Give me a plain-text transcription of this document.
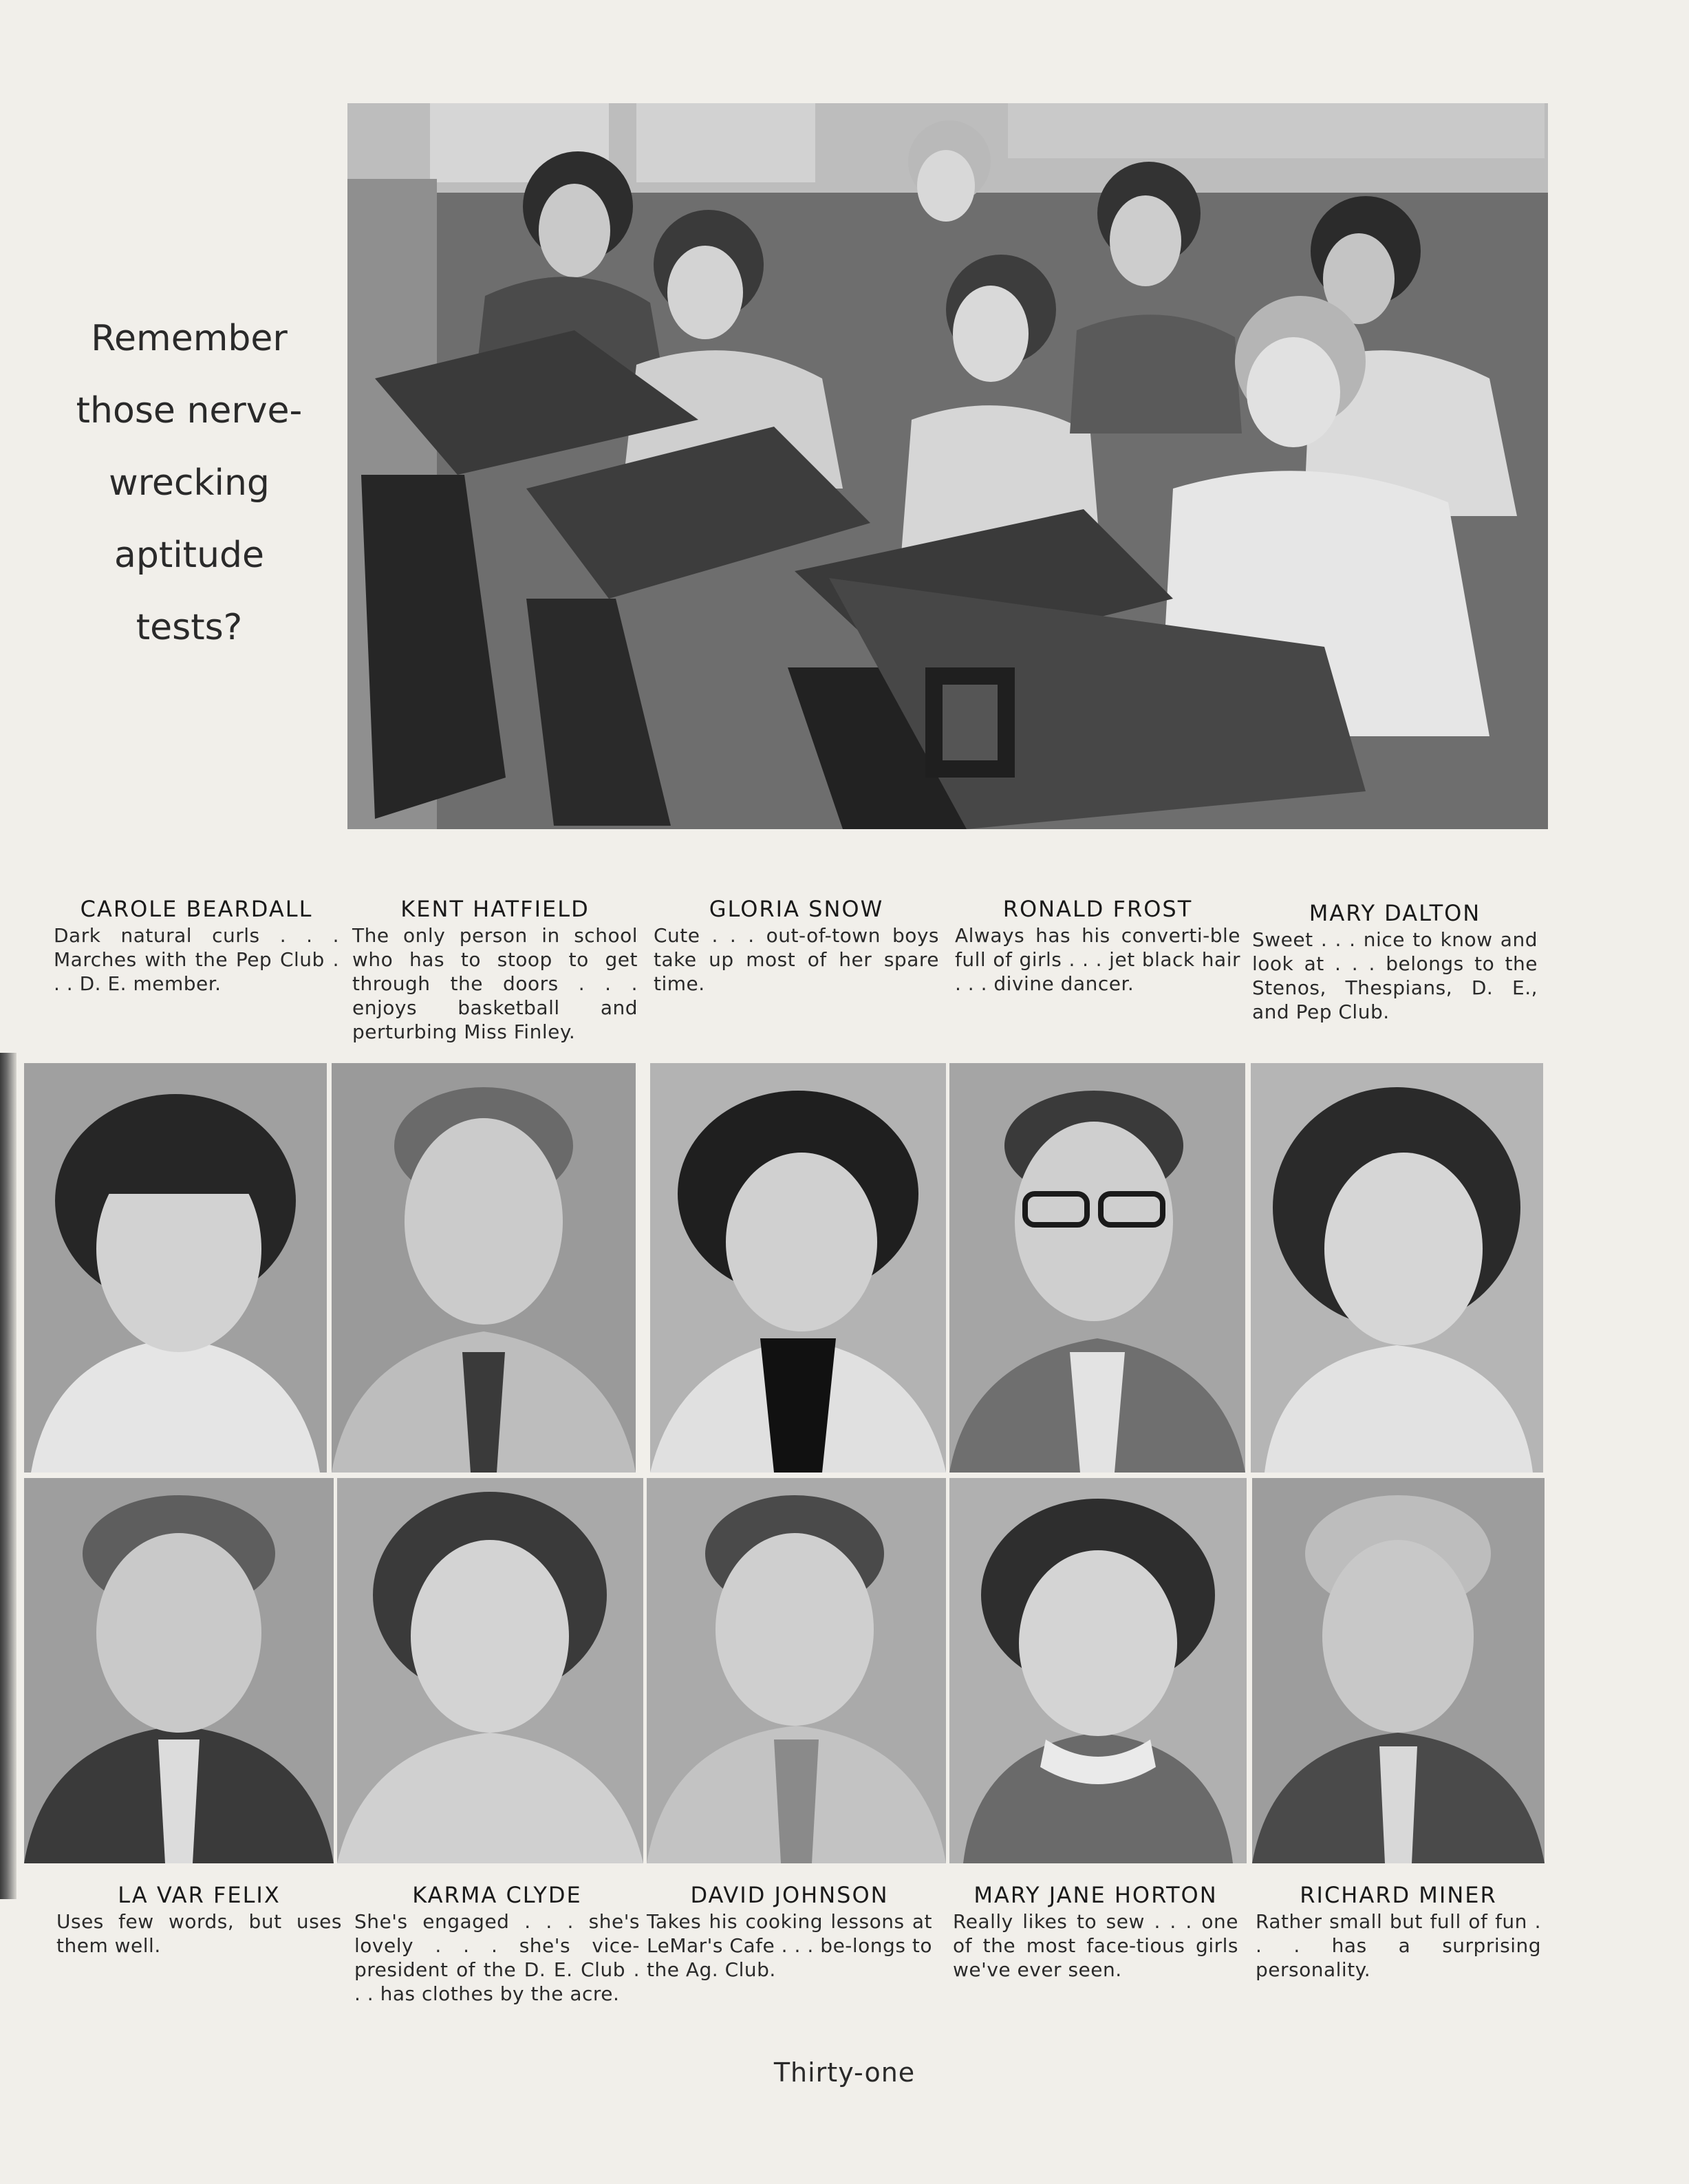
Remember
those nerve-
wrecking
aptitude
tests?
CAROLE BEARDALL
Dark natural curls . . . Marches with the Pep Club . . . D. E. member.
KENT HATFIELD
The only person in school who has to stoop to get through the doors . . . enjoys basketball and perturbing Miss Finley.
GLORIA SNOW
Cute . . . out-of-town boys take up most of her spare time.
RONALD FROST
Always has his converti-ble full of girls . . . jet black hair . . . divine dancer.
MARY DALTON
Sweet . . . nice to know and look at . . . belongs to the Stenos, Thespians, D. E., and Pep Club.
LA VAR FELIX
Uses few words, but uses them well.
KARMA CLYDE
She's engaged . . . she's lovely . . . she's vice-president of the D. E. Club . . . has clothes by the acre.
DAVID JOHNSON
Takes his cooking lessons at LeMar's Cafe . . . be-longs to the Ag. Club.
MARY JANE HORTON
Really likes to sew . . . one of the most face-tious girls we've ever seen.
RICHARD MINER
Rather small but full of fun . . . has a surprising personality.
Thirty-one
